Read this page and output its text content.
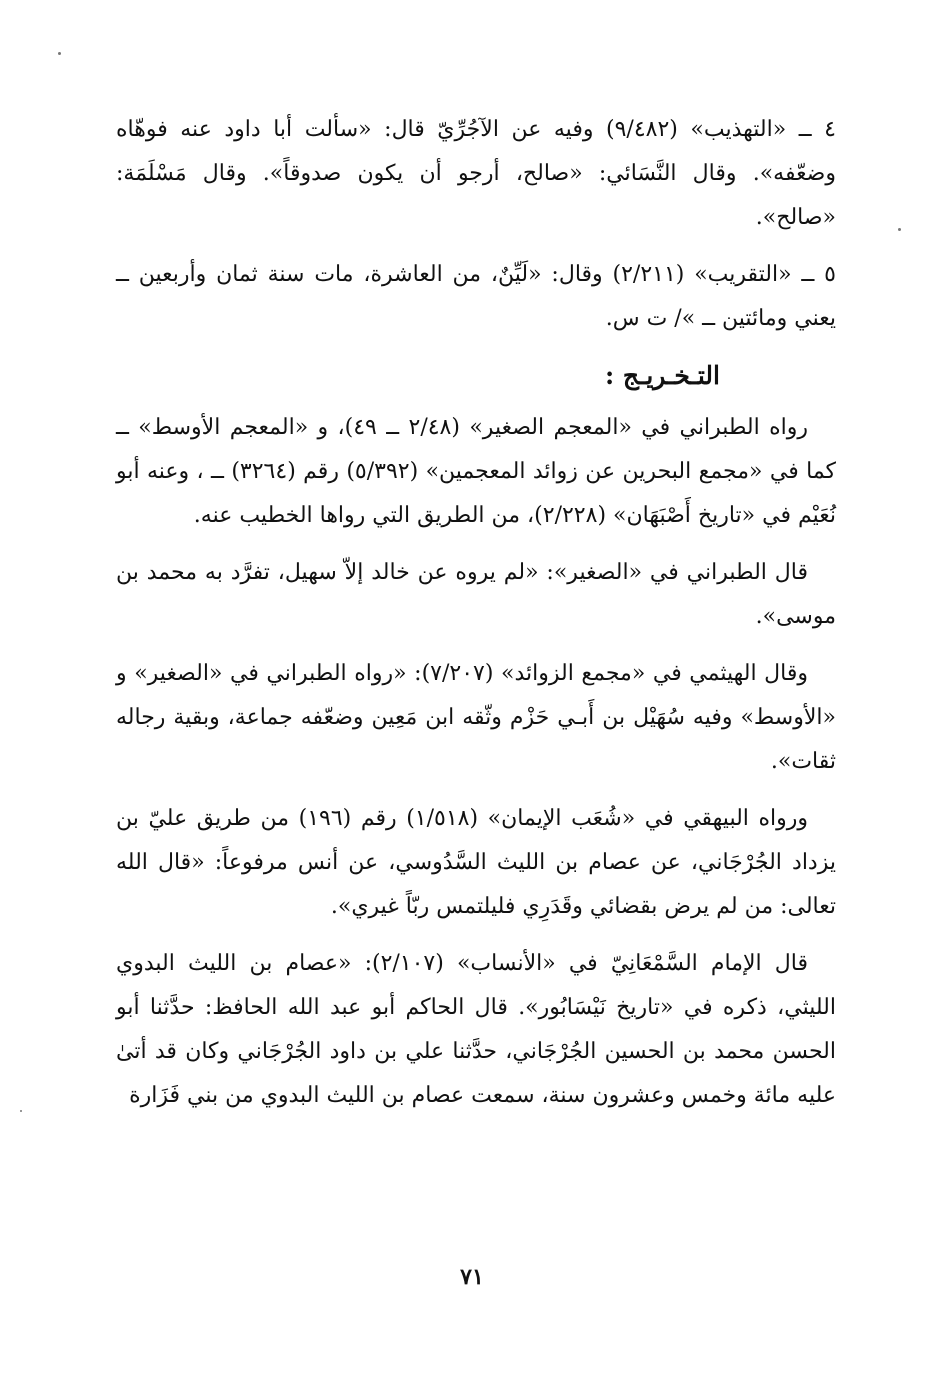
٤ ــ «التهذيب» (٩/٤٨٢) وفيه عن الآجُرِّيّ قال: «سألت أبا داود عنه فوهّاه وضعّفه». وقال النَّسَائي: «صالح، أرجو أن يكون صدوقاً». وقال مَسْلَمَة: «صالح».

٥ ــ «التقريب» (٢/٢١١) وقال: «لَيِّنٌ، من العاشرة، مات سنة ثمان وأربعين ــ يعني ومائتين ــ »/ ت س.

التـخـريـج :

رواه الطبراني في «المعجم الصغير» (٢/٤٨ ــ ٤٩)، و «المعجم الأوسط» ــ كما في «مجمع البحرين عن زوائد المعجمين» (٥/٣٩٢) رقم (٣٢٦٤) ــ ، وعنه أبو نُعَيْم في «تاريخ أَصْبَهَان» (٢/٢٢٨)، من الطريق التي رواها الخطيب عنه.

قال الطبراني في «الصغير»: «لم يروه عن خالد إلاّ سهيل، تفرَّد به محمد بن موسى».

وقال الهيثمي في «مجمع الزوائد» (٧/٢٠٧): «رواه الطبراني في «الصغير» و «الأوسط» وفيه سُهَيْل بن أَبـي حَزْم وثّقه ابن مَعِين وضعّفه جماعة، وبقية رجاله ثقات».

ورواه البيهقي في «شُعَب الإيمان» (١/٥١٨) رقم (١٩٦) من طريق عليّ بن يزداد الجُرْجَاني، عن عصام بن الليث السَّدُوسي، عن أنس مرفوعاً: «قال الله تعالى: من لم يرض بقضائي وقَدَرِي فليلتمس ربّاً غيري».

قال الإمام السَّمْعَانِيّ في «الأنساب» (٢/١٠٧): «عصام بن الليث البدوي الليثي، ذكره في «تاريخ نَيْسَابُور». قال الحاكم أبو عبد الله الحافظ: حدَّثنا أبو الحسن محمد بن الحسين الجُرْجَاني، حدَّثنا علي بن داود الجُرْجَاني وكان قد أتىٰ عليه مائة وخمس وعشرون سنة، سمعت عصام بن الليث البدوي من بني فَزَارة

٧١
